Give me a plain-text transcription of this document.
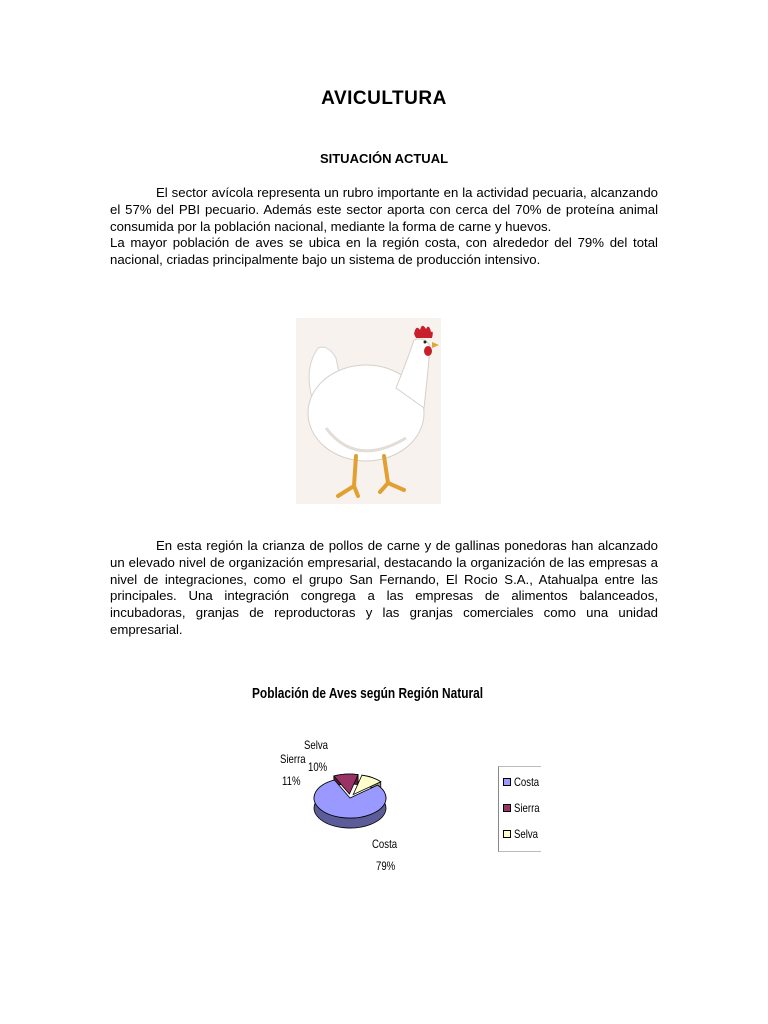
AVICULTURA
SITUACIÓN ACTUAL
El sector avícola representa un rubro importante en la actividad pecuaria, alcanzando el 57% del PBI pecuario. Además este sector aporta con cerca del 70% de proteína animal consumida por la población nacional, mediante la forma de carne y huevos.
La mayor población de aves se ubica en la región costa, con alrededor del 79% del total nacional, criadas principalmente bajo un sistema de producción intensivo.
En esta región la crianza de pollos de carne y de gallinas ponedoras han alcanzado un elevado nivel de organización empresarial, destacando la organización de las empresas a nivel de integraciones, como el grupo San Fernando, El Rocio S.A., Atahualpa entre las principales. Una integración congrega a las empresas de alimentos balanceados, incubadoras, granjas de reproductoras y las granjas comerciales como una unidad empresarial.
Población de Aves según Región Natural
Selva
10%
Sierra
11%
Costa
79%
Costa
Sierra
Selva
